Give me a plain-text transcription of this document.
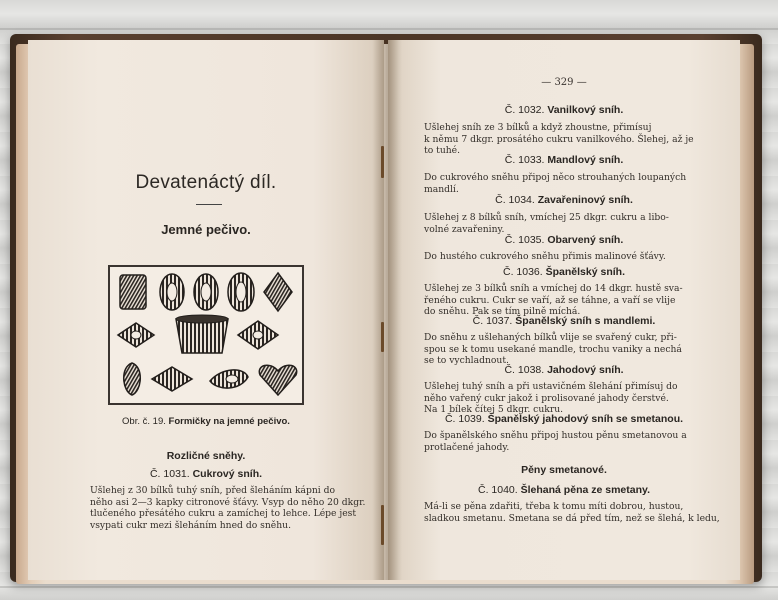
Devatenáctý díl.
Jemné pečivo.
Obr. č. 19. Formičky na jemné pečivo.
Rozličné sněhy.
Č. 1031. Cukrový sníh.
Ušlehej z 30 bílků tuhý sníh, před šleháním kápni do
něho asi 2—3 kapky citronové šťávy. Vsyp do něho 20 dkgr.
tlučeného přesátého cukru a zamíchej to lehce. Lépe jest
vsypati cukr mezi šleháním hned do sněhu.
— 329 —
Č. 1032. Vanilkový sníh.
Ušlehej sníh ze 3 bílků a když zhoustne, přimísuj
k němu 7 dkgr. prosátého cukru vanilkového. Šlehej, až je
to tuhé.
Č. 1033. Mandlový sníh.
Do cukrového sněhu připoj něco strouhaných loupaných
mandlí.
Č. 1034. Zavařeninový sníh.
Ušlehej z 8 bílků sníh, vmíchej 25 dkgr. cukru a libo-
volné zavařeniny.
Č. 1035. Obarvený sníh.
Do hustého cukrového sněhu přimis malinové šťávy.
Č. 1036. Španělský sníh.
Ušlehej ze 3 bílků sníh a vmíchej do 14 dkgr. hustě sva-
řeného cukru. Cukr se vaří, až se táhne, a vaří se vlije
do sněhu. Pak se tím pilně míchá.
Č. 1037. Španělský sníh s mandlemi.
Do sněhu z ušlehaných bílků vlije se svařený cukr, při-
spou se k tomu usekané mandle, trochu vaniky a nechá
se to vychladnout.
Č. 1038. Jahodový sníh.
Ušlehej tuhý sníh a při ustavičném šlehání přimísuj do
něho vařený cukr jakož i prolisované jahody čerstvé.
Na 1 bílek čítej 5 dkgr. cukru.
Č. 1039. Španělský jahodový sníh se smetanou.
Do španělského sněhu připoj hustou pěnu smetanovou a
protlačené jahody.
Pěny smetanové.
Č. 1040. Šlehaná pěna ze smetany.
Má-li se pěna zdařiti, třeba k tomu míti dobrou, hustou,
sladkou smetanu. Smetana se dá před tím, než se šlehá, k ledu,
